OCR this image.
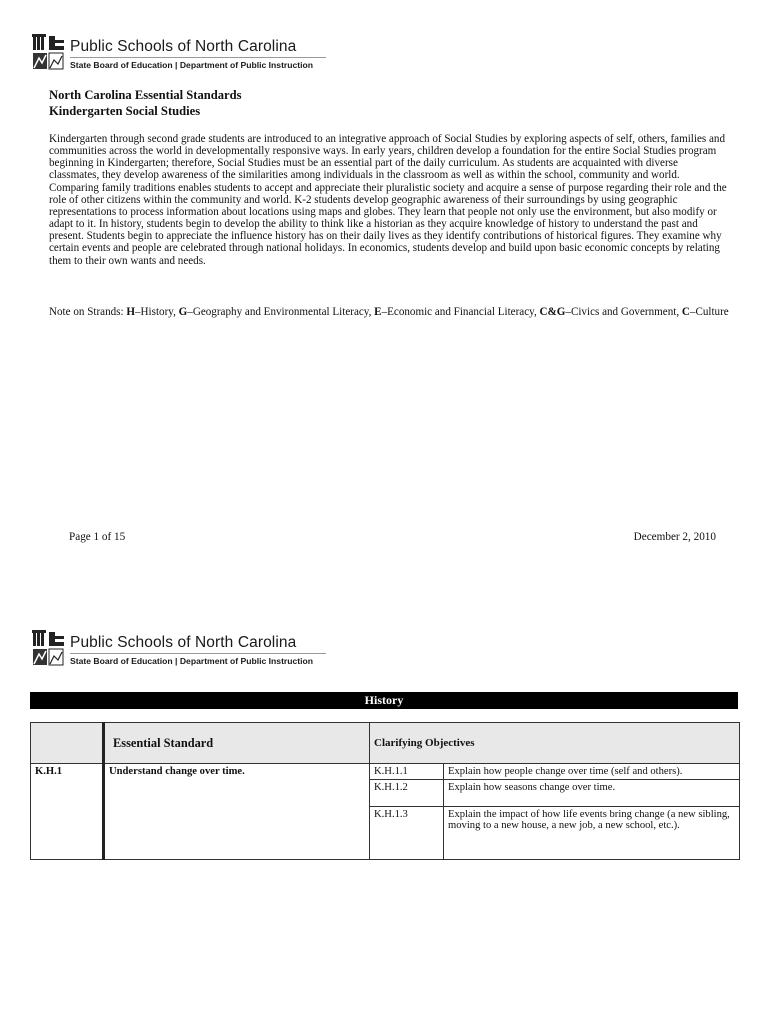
Public Schools of North Carolina
State Board of Education | Department of Public Instruction
North Carolina Essential Standards
Kindergarten Social Studies
Kindergarten through second grade students are introduced to an integrative approach of Social Studies by exploring aspects of self, others, families and communities across the world in developmentally responsive ways. In early years, children develop a foundation for the entire Social Studies program beginning in Kindergarten; therefore, Social Studies must be an essential part of the daily curriculum. As students are acquainted with diverse classmates, they develop awareness of the similarities among individuals in the classroom as well as within the school, community and world. Comparing family traditions enables students to accept and appreciate their pluralistic society and acquire a sense of purpose regarding their role and the role of other citizens within the community and world. K-2 students develop geographic awareness of their surroundings by using geographic representations to process information about locations using maps and globes. They learn that people not only use the environment, but also modify or adapt to it. In history, students begin to develop the ability to think like a historian as they acquire knowledge of history to understand the past and present. Students begin to appreciate the influence history has on their daily lives as they identify contributions of historical figures. They examine why certain events and people are celebrated through national holidays. In economics, students develop and build upon basic economic concepts by relating them to their own wants and needs.
Note on Strands: H–History, G–Geography and Environmental Literacy, E–Economic and Financial Literacy, C&G–Civics and Government, C–Culture
Page 1 of 15	December 2, 2010
Public Schools of North Carolina
State Board of Education | Department of Public Instruction
History
	Essential Standard	Clarifying Objectives	
K.H.1	Understand change over time.	K.H.1.1	Explain how people change over time (self and others).
		K.H.1.2	Explain how seasons change over time.
		K.H.1.3	Explain the impact of how life events bring change (a new sibling, moving to a new house, a new job, a new school, etc.).
